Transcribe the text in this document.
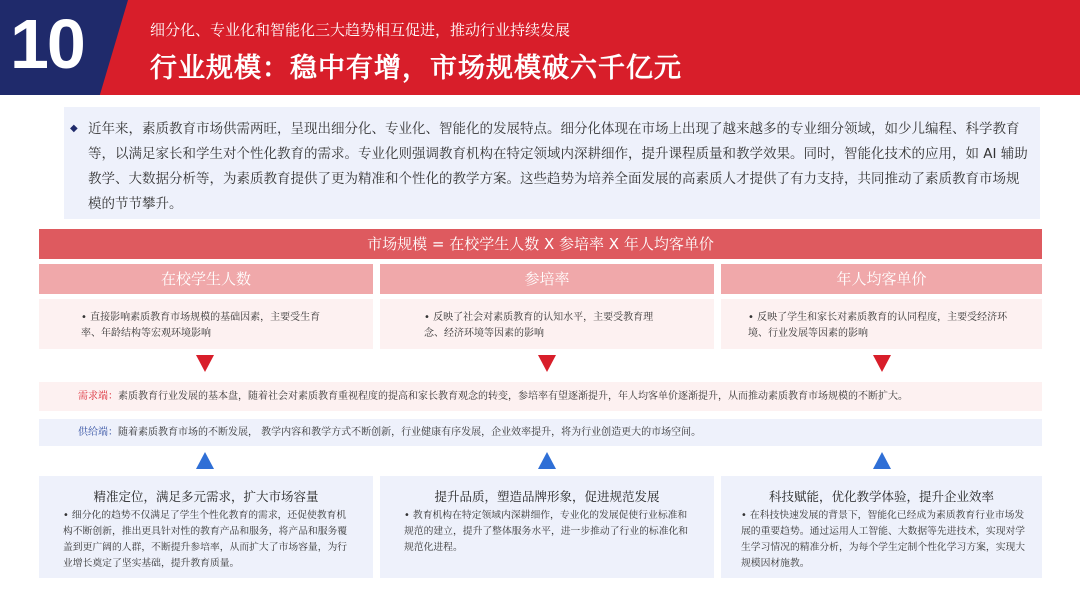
10	细分化、专业化和智能化三大趋势相互促进，推动行业持续发展
行业规模：稳中有增，市场规模破六千亿元
◆ 近年来，素质教育市场供需两旺，呈现出细分化、专业化、智能化的发展特点。细分化体现在市场上出现了越来越多的专业细分领域，如少儿编程、科学教育等，以满足家长和学生对个性化教育的需求。专业化则强调教育机构在特定领域内深耕细作，提升课程质量和教学效果。同时，智能化技术的应用，如 AI 辅助教学、大数据分析等，为素质教育提供了更为精准和个性化的教学方案。这些趋势为培养全面发展的高素质人才提供了有力支持，共同推动了素质教育市场规模的节节攀升。
市场规模 = 在校学生人数 X 参培率 X 年人均客单价
在校学生人数	参培率	年人均客单价
• 直接影响素质教育市场规模的基础因素，主要受生育率、年龄结构等宏观环境影响
• 反映了社会对素质教育的认知水平，主要受教育理念、经济环境等因素的影响
• 反映了学生和家长对素质教育的认同程度，主要受经济环境、行业发展等因素的影响
需求端：素质教育行业发展的基本盘，随着社会对素质教育重视程度的提高和家长教育观念的转变，参培率有望逐渐提升，年人均客单价逐渐提升，从而推动素质教育市场规模的不断扩大。
供给端：随着素质教育市场的不断发展， 教学内容和教学方式不断创新，行业健康有序发展，企业效率提升，将为行业创造更大的市场空间。
精准定位，满足多元需求，扩大市场容量
• 细分化的趋势不仅满足了学生个性化教育的需求，还促使教育机构不断创新，推出更具针对性的教育产品和服务，将产品和服务覆盖到更广阔的人群，不断提升参培率，从而扩大了市场容量，为行业增长奠定了坚实基础，提升教育质量。
提升品质，塑造品牌形象，促进规范发展
• 教育机构在特定领域内深耕细作，专业化的发展促使行业标准和规范的建立，提升了整体服务水平，进一步推动了行业的标准化和规范化进程。
科技赋能，优化教学体验，提升企业效率
• 在科技快速发展的背景下，智能化已经成为素质教育行业市场发展的重要趋势。通过运用人工智能、大数据等先进技术，实现对学生学习情况的精准分析，为每个学生定制个性化学习方案，实现大规模因材施教。
